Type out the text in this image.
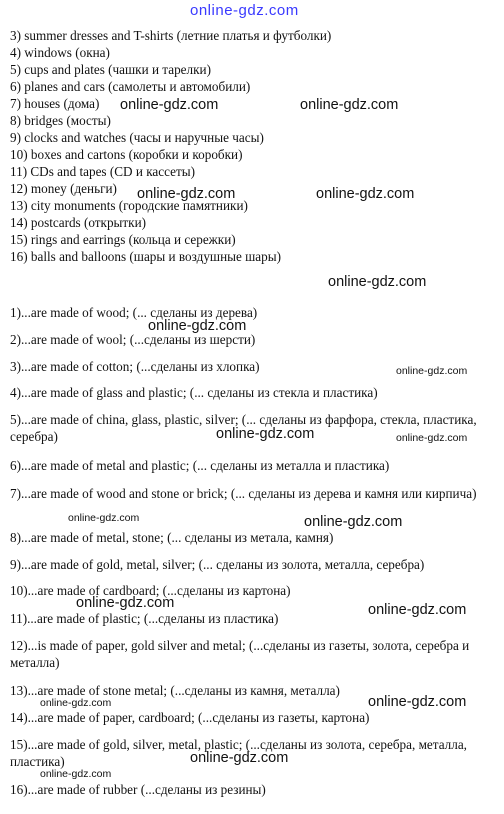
online-gdz.com
3) summer dresses and T-shirts (летние платья и футболки)
4) windows (окна)
5) cups and plates (чашки и тарелки)
6) planes and cars (самолеты и автомобили)
7) houses (дома)
8) bridges (мосты)
9) clocks and watches (часы и наручные часы)
10) boxes and cartons (коробки и коробки)
11) CDs and tapes (CD и кассеты)
12) money (деньги)
13) city monuments (городские памятники)
14) postcards (открытки)
15) rings and earrings (кольца и сережки)
16) balls and balloons (шары и воздушные шары)
1)...are made of wood; (... сделаны из дерева)
2)...are made of wool; (...сделаны из шерсти)
3)...are made of cotton; (...сделаны из хлопка)
4)...are made of glass and plastic; (... сделаны из стекла и пластика)
5)...are made of china, glass, plastic, silver; (... сделаны из фарфора, стекла, пластика, серебра)
6)...are made of metal and plastic; (... сделаны из металла и пластика)
7)...are made of wood and stone or brick; (... сделаны из дерева и камня или кирпича)
8)...are made of metal, stone; (... сделаны из метала, камня)
9)...are made of gold, metal, silver; (... сделаны из золота, металла, серебра)
10)...are made of cardboard; (...сделаны из картона)
11)...are made of plastic; (...сделаны из пластика)
12)...is made of paper, gold silver and metal; (...сделаны из газеты, золота, серебра и металла)
13)...are made of stone metal; (...сделаны из камня, металла)
14)...are made of paper, cardboard; (...сделаны из газеты, картона)
15)...are made of gold, silver, metal, plastic; (...сделаны из золота, серебра, металла, пластика)
16)...are made of rubber (...сделаны из резины)
online-gdz.com	online-gdz.com
online-gdz.com	online-gdz.com
online-gdz.com
online-gdz.com
online-gdz.com
online-gdz.com	online-gdz.com
online-gdz.com	online-gdz.com
online-gdz.com	online-gdz.com
online-gdz.com	online-gdz.com
online-gdz.com
online-gdz.com
